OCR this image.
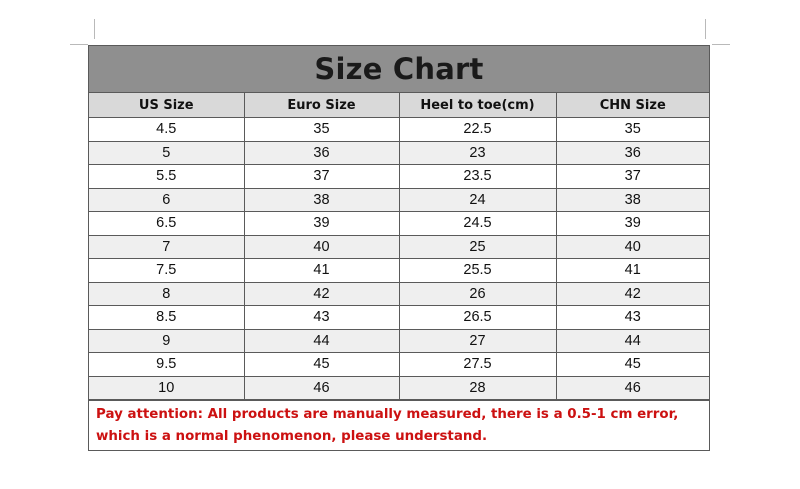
Size Chart
US Size	Euro Size	Heel to toe(cm)	CHN Size
4.5	35	22.5	35
5	36	23	36
5.5	37	23.5	37
6	38	24	38
6.5	39	24.5	39
7	40	25	40
7.5	41	25.5	41
8	42	26	42
8.5	43	26.5	43
9	44	27	44
9.5	45	27.5	45
10	46	28	46
Pay attention: All products are manually measured, there is a 0.5-1 cm error, which is a normal phenomenon, please understand.
